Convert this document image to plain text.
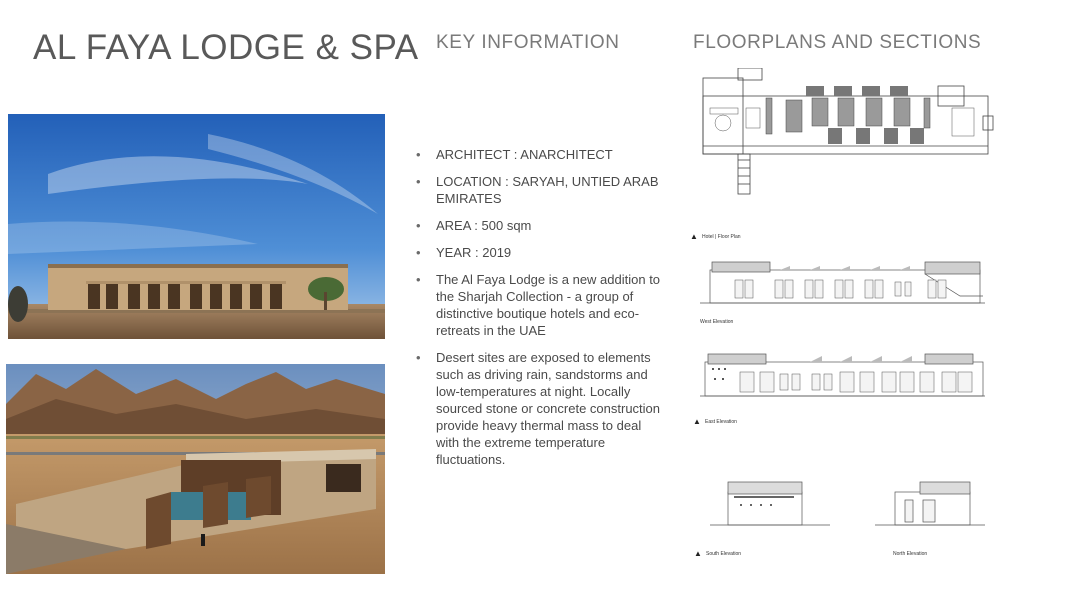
AL FAYA LODGE & SPA KEY INFORMATION	FLOORPLANS AND SECTIONS
• ARCHITECT : ANARCHITECT
• LOCATION : SARYAH, UNTIED ARAB EMIRATES
• AREA : 500 sqm
• YEAR : 2019
• The Al Faya Lodge is a new addition to the Sharjah Collection - a group of distinctive boutique hotels and eco-retreats in the UAE
• Desert sites are exposed to elements such as driving rain, sandstorms and low-temperatures at night. Locally sourced stone or concrete construction provide heavy thermal mass to deal with the extreme temperature fluctuations.
▲ Hotel | Floor Plan
West Elevation
▲ East Elevation
▲ South Elevation	North Elevation
